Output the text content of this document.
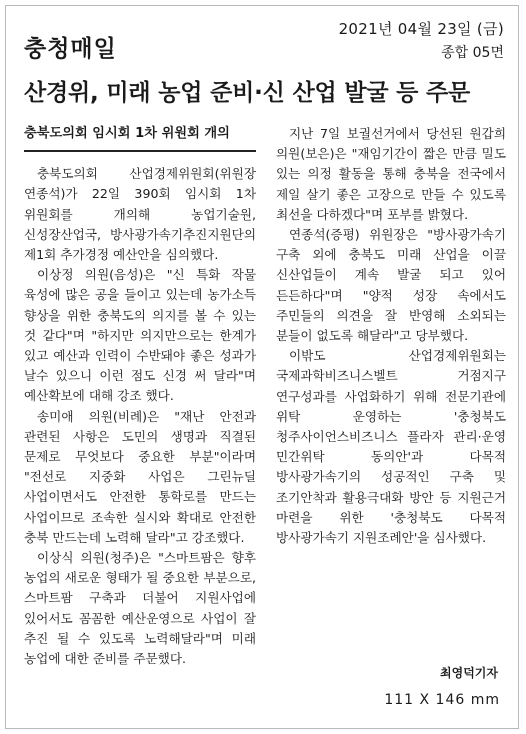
충청매일
2021년 04월 23일 (금)
종합 05면
산경위, 미래 농업 준비·신 산업 발굴 등 주문

충북도의회 임시회 1차 위원회 개의

충북도의회 산업경제위원회(위원장 연종석)가 22일 390회 임시회 1차 위원회를 개의해 농업기술원, 신성장산업국, 방사광가속기추진지원단의 제1회 추가경정 예산안을 심의했다.

이상정 의원(음성)은 "신 특화 작물 육성에 많은 공을 들이고 있는데 농가소득 향상을 위한 충북도의 의지를 볼 수 있는 것 같다"며 "하지만 의지만으로는 한계가 있고 예산과 인력이 수반돼야 좋은 성과가 날수 있으니 이런 점도 신경 써 달라"며 예산확보에 대해 강조 했다.

송미애 의원(비례)은 "재난 안전과 관련된 사항은 도민의 생명과 직결된 문제로 무엇보다 중요한 부분"이라며 "전선로 지중화 사업은 그린뉴딜 사업이면서도 안전한 통학로를 만드는 사업이므로 조속한 실시와 확대로 안전한 충북 만드는데 노력해 달라"고 강조했다.

이상식 의원(청주)은 "스마트팜은 향후 농업의 새로운 형태가 될 중요한 부분으로, 스마트팜 구축과 더불어 지원사업에 있어서도 꼼꼼한 예산운영으로 사업이 잘 추진 될 수 있도록 노력해달라"며 미래 농업에 대한 준비를 주문했다.

지난 7일 보궐선거에서 당선된 원갑희 의원(보은)은 "재임기간이 짧은 만큼 밀도 있는 의정 활동을 통해 충북을 전국에서 제일 살기 좋은 고장으로 만들 수 있도록 최선을 다하겠다"며 포부를 밝혔다.

연종석(증평) 위원장은 "방사광가속기 구축 외에 충북도 미래 산업을 이끌 신산업들이 계속 발굴 되고 있어 든든하다"며 "양적 성장 속에서도 주민들의 의견을 잘 반영해 소외되는 분들이 없도록 해달라"고 당부했다.

이밖도 산업경제위원회는 국제과학비즈니스벨트 거점지구 연구성과를 사업화하기 위해 전문기관에 위탁 운영하는 '충청북도 청주사이언스비즈니스 플라자 관리·운영 민간위탁 동의안'과 다목적 방사광가속기의 성공적인 구축 및 조기안착과 활용극대화 방안 등 지원근거 마련을 위한 '충청북도 다목적 방사광가속기 지원조례안'을 심사했다.

최영덕기자
111 X 146 mm
